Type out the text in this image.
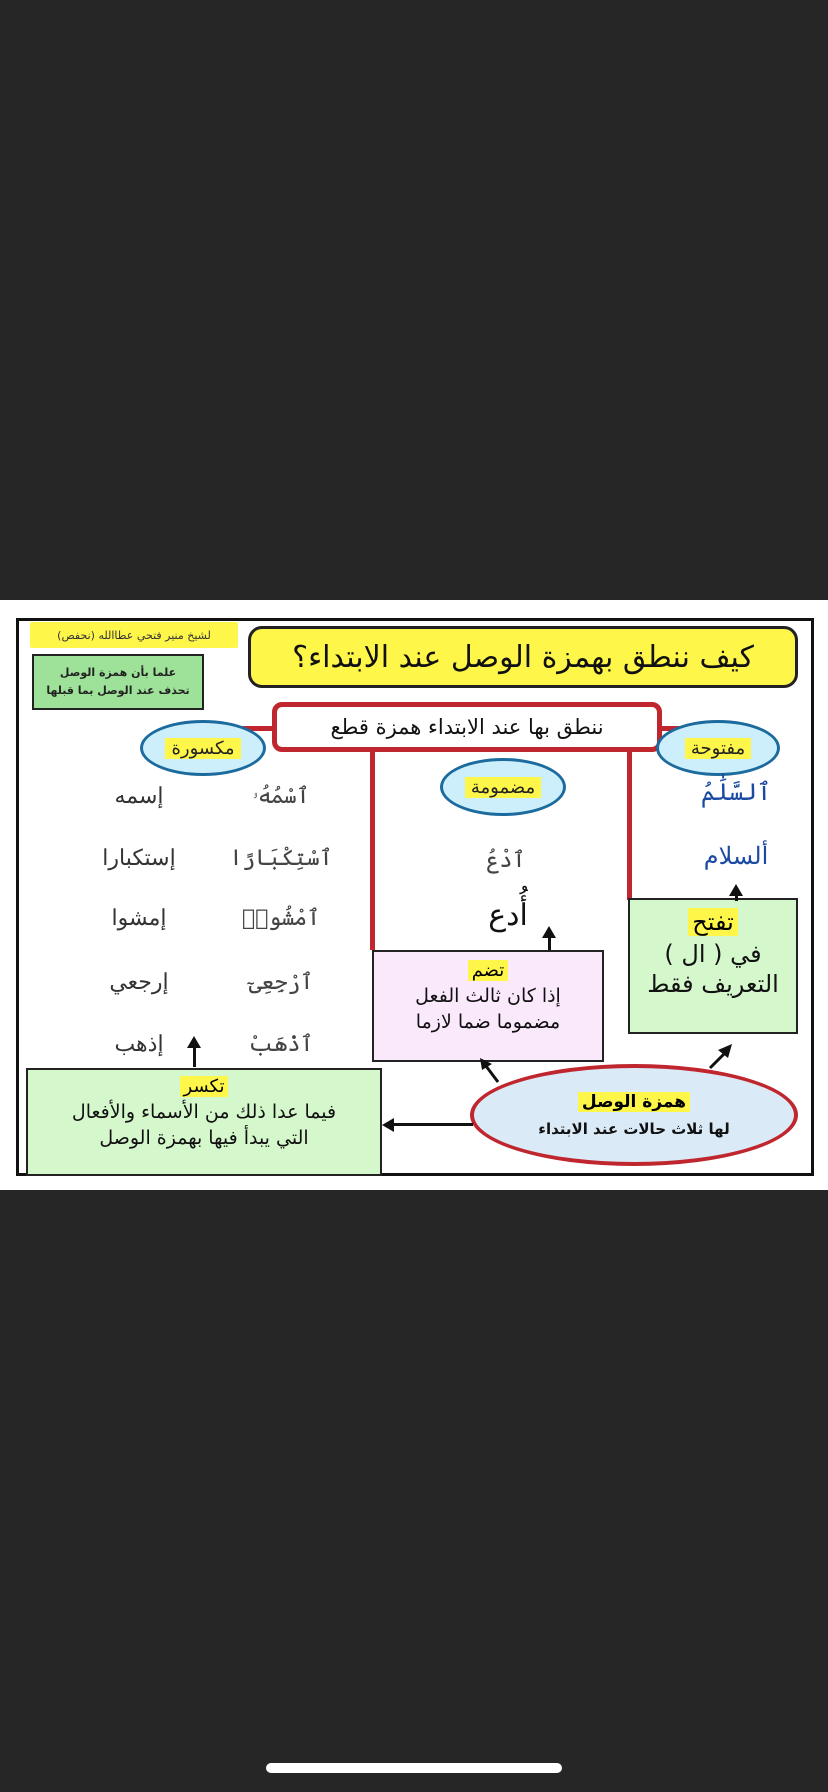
لشيخ منير فتحي عطاالله (نحفص)
علما بأن همزة الوصل
تحذف عند الوصل بما قبلها
كيف ننطق بهمزة الوصل عند الابتداء؟
ننطق بها عند الابتداء همزة قطع
مكسورة
مضمومة
مفتوحة
ٱلسَّلَٰمُ
ألسلام
ٱدْعُ
أُدع
ٱسْمُهُۥ
ٱسْتِكْبَارًا
ٱمْشُوا۟
ٱرْجِعِىٓ
ٱذْهَبْ
إسمه
إستكبارا
إمشوا
إرجعي
إذهب
تفتح
في ( ال )
التعريف فقط
تضم
إذا كان ثالث الفعل
مضموما ضما لازما
تكسر
فيما عدا ذلك من الأسماء والأفعال
التي يبدأ فيها بهمزة الوصل
همزة الوصل
لها ثلاث حالات عند الابتداء
